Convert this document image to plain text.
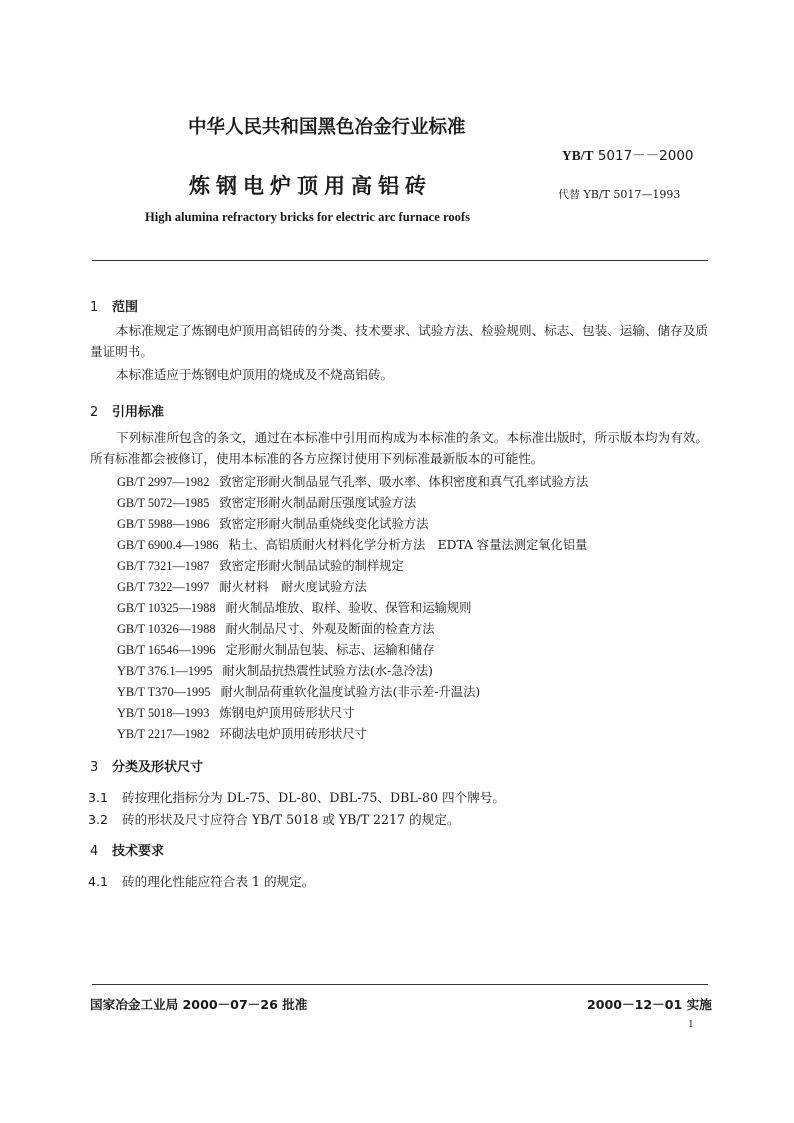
中华人民共和国黑色冶金行业标准
YB/T 5017－－2000
炼钢电炉顶用高铝砖	代替 YB/T 5017—1993
High alumina refractory bricks for electric arc furnace roofs
1 范围
本标准规定了炼钢电炉顶用高铝砖的分类、技术要求、试验方法、检验规则、标志、包装、运输、储存及质量证明书。
本标准适应于炼钢电炉顶用的烧成及不烧高铝砖。
2 引用标准
下列标准所包含的条文，通过在本标准中引用而构成为本标准的条文。本标准出版时，所示版本均为有效。所有标准都会被修订，使用本标准的各方应探讨使用下列标准最新版本的可能性。
GB/T 2997—1982 致密定形耐火制品显气孔率、吸水率、体积密度和真气孔率试验方法
GB/T 5072—1985 致密定形耐火制品耐压强度试验方法
GB/T 5988—1986 致密定形耐火制品重烧线变化试验方法
GB/T 6900.4—1986 粘土、高铝质耐火材料化学分析方法　EDTA 容量法测定氧化铝量
GB/T 7321—1987 致密定形耐火制品试验的制样规定
GB/T 7322—1997 耐火材料　耐火度试验方法
GB/T 10325—1988 耐火制品堆放、取样、验收、保管和运输规则
GB/T 10326—1988 耐火制品尺寸、外观及断面的检查方法
GB/T 16546—1996 定形耐火制品包装、标志、运输和储存
YB/T 376.1—1995 耐火制品抗热震性试验方法(水-急冷法)
YB/T T370—1995 耐火制品荷重软化温度试验方法(非示差-升温法)
YB/T 5018—1993 炼钢电炉顶用砖形状尺寸
YB/T 2217—1982 环砌法电炉顶用砖形状尺寸
3 分类及形状尺寸
3.1 砖按理化指标分为 DL-75、DL-80、DBL-75、DBL-80 四个牌号。
3.2 砖的形状及尺寸应符合 YB/T 5018 或 YB/T 2217 的规定。
4 技术要求
4.1 砖的理化性能应符合表 1 的规定。
国家冶金工业局 2000－07－26 批准	2000－12－01 实施
1
